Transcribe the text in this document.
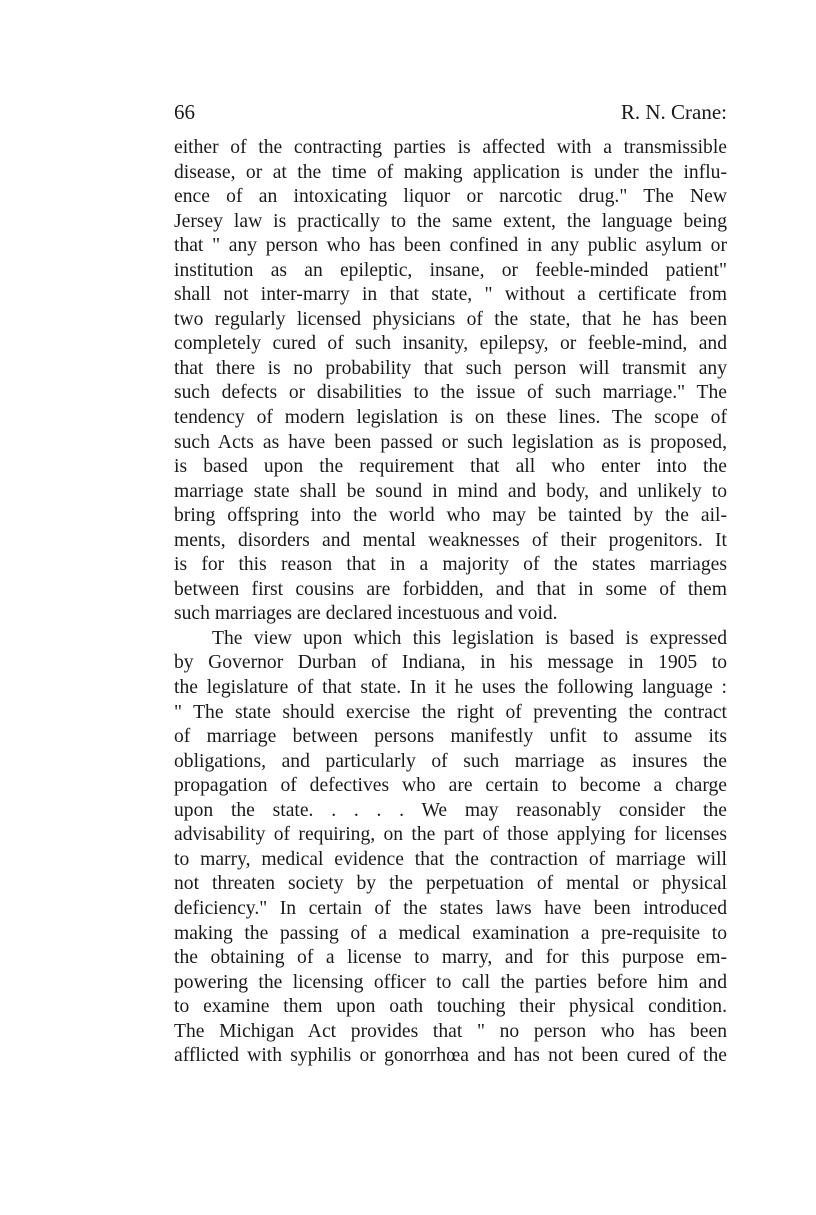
66	R. N. Crane:
either of the contracting parties is affected with a transmissible
disease, or at the time of making application is under the influ-
ence of an intoxicating liquor or narcotic drug." The New
Jersey law is practically to the same extent, the language being
that " any person who has been confined in any public asylum or
institution as an epileptic, insane, or feeble-minded patient"
shall not inter-marry in that state, " without a certificate from
two regularly licensed physicians of the state, that he has been
completely cured of such insanity, epilepsy, or feeble-mind, and
that there is no probability that such person will transmit any
such defects or disabilities to the issue of such marriage." The
tendency of modern legislation is on these lines. The scope of
such Acts as have been passed or such legislation as is proposed,
is based upon the requirement that all who enter into the
marriage state shall be sound in mind and body, and unlikely to
bring offspring into the world who may be tainted by the ail-
ments, disorders and mental weaknesses of their progenitors. It
is for this reason that in a majority of the states marriages
between first cousins are forbidden, and that in some of them
such marriages are declared incestuous and void.
The view upon which this legislation is based is expressed
by Governor Durban of Indiana, in his message in 1905 to
the legislature of that state. In it he uses the following language :
" The state should exercise the right of preventing the contract
of marriage between persons manifestly unfit to assume its
obligations, and particularly of such marriage as insures the
propagation of defectives who are certain to become a charge
upon the state. . . . . We may reasonably consider the
advisability of requiring, on the part of those applying for licenses
to marry, medical evidence that the contraction of marriage will
not threaten society by the perpetuation of mental or physical
deficiency." In certain of the states laws have been introduced
making the passing of a medical examination a pre-requisite to
the obtaining of a license to marry, and for this purpose em-
powering the licensing officer to call the parties before him and
to examine them upon oath touching their physical condition.
The Michigan Act provides that " no person who has been
afflicted with syphilis or gonorrhœa and has not been cured of the
